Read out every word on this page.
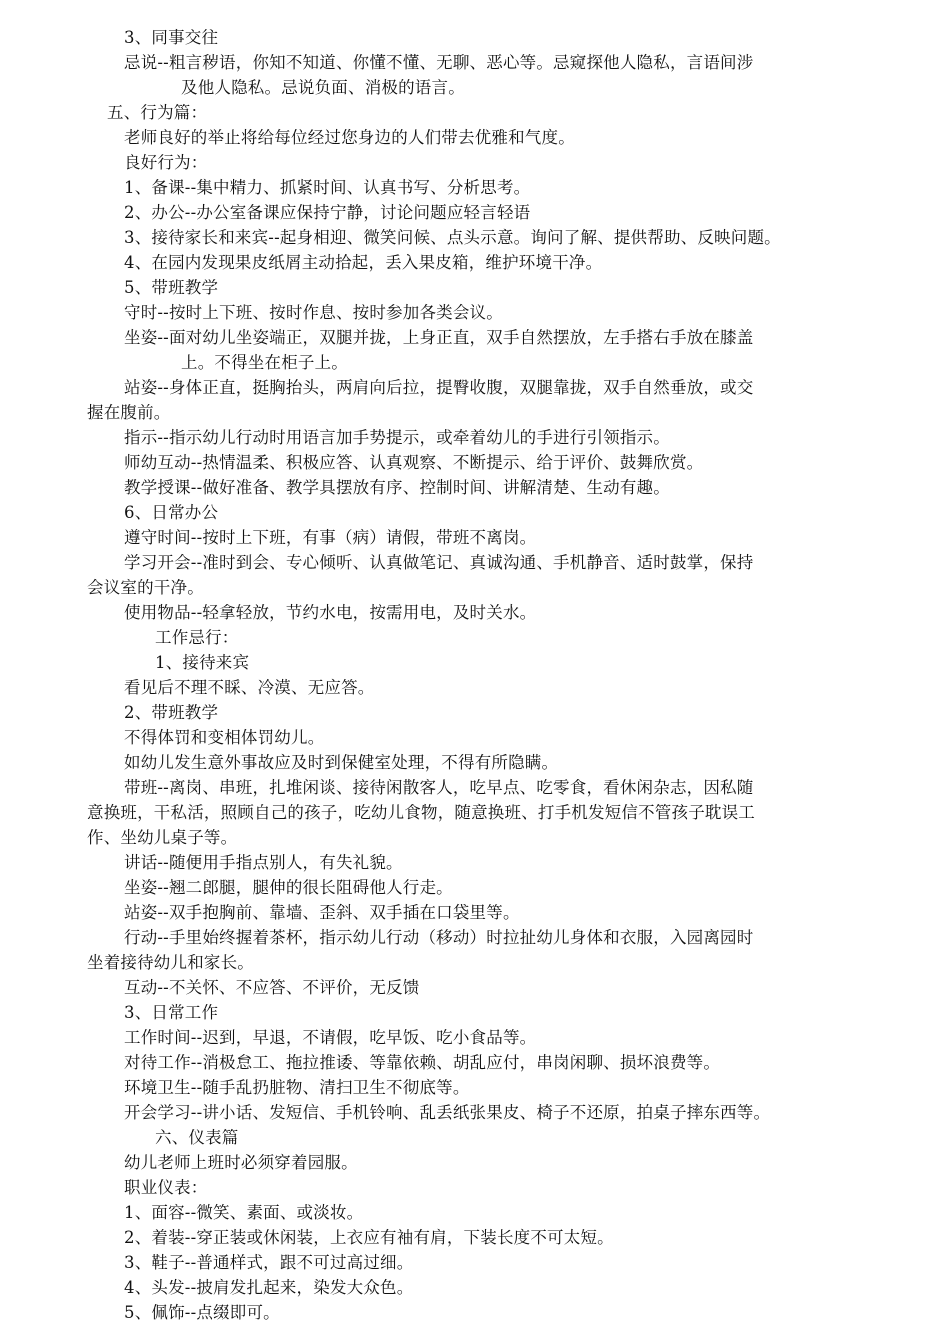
3、同事交往
忌说--粗言秽语，你知不知道、你懂不懂、无聊、恶心等。忌窥探他人隐私，言语间涉
及他人隐私。忌说负面、消极的语言。
五、行为篇：
老师良好的举止将给每位经过您身边的人们带去优雅和气度。
良好行为：
1、备课--集中精力、抓紧时间、认真书写、分析思考。
2、办公--办公室备课应保持宁静，讨论问题应轻言轻语
3、接待家长和来宾--起身相迎、微笑问候、点头示意。询问了解、提供帮助、反映问题。
4、在园内发现果皮纸屑主动拾起，丢入果皮箱，维护环境干净。
5、带班教学
守时--按时上下班、按时作息、按时参加各类会议。
坐姿--面对幼儿坐姿端正，双腿并拢，上身正直，双手自然摆放，左手搭右手放在膝盖
上。不得坐在柜子上。
站姿--身体正直，挺胸抬头，两肩向后拉，提臀收腹，双腿靠拢，双手自然垂放，或交
握在腹前。
指示--指示幼儿行动时用语言加手势提示，或牵着幼儿的手进行引领指示。
师幼互动--热情温柔、积极应答、认真观察、不断提示、给于评价、鼓舞欣赏。
教学授课--做好准备、教学具摆放有序、控制时间、讲解清楚、生动有趣。
6、日常办公
遵守时间--按时上下班，有事（病）请假，带班不离岗。
学习开会--准时到会、专心倾听、认真做笔记、真诚沟通、手机静音、适时鼓掌，保持
会议室的干净。
使用物品--轻拿轻放，节约水电，按需用电，及时关水。
工作忌行：
1、接待来宾
看见后不理不睬、冷漠、无应答。
2、带班教学
不得体罚和变相体罚幼儿。
如幼儿发生意外事故应及时到保健室处理，不得有所隐瞒。
带班--离岗、串班，扎堆闲谈、接待闲散客人，吃早点、吃零食，看休闲杂志，因私随
意换班，干私活，照顾自己的孩子，吃幼儿食物，随意换班、打手机发短信不管孩子耽误工
作、坐幼儿桌子等。
讲话--随便用手指点别人，有失礼貌。
坐姿--翘二郎腿，腿伸的很长阻碍他人行走。
站姿--双手抱胸前、靠墙、歪斜、双手插在口袋里等。
行动--手里始终握着茶杯，指示幼儿行动（移动）时拉扯幼儿身体和衣服，入园离园时
坐着接待幼儿和家长。
互动--不关怀、不应答、不评价，无反馈
3、日常工作
工作时间--迟到，早退，不请假，吃早饭、吃小食品等。
对待工作--消极怠工、拖拉推诿、等靠依赖、胡乱应付，串岗闲聊、损坏浪费等。
环境卫生--随手乱扔脏物、清扫卫生不彻底等。
开会学习--讲小话、发短信、手机铃响、乱丢纸张果皮、椅子不还原，拍桌子摔东西等。
六、仪表篇
幼儿老师上班时必须穿着园服。
职业仪表：
1、面容--微笑、素面、或淡妆。
2、着装--穿正装或休闲装，上衣应有袖有肩，下装长度不可太短。
3、鞋子--普通样式，跟不可过高过细。
4、头发--披肩发扎起来，染发大众色。
5、佩饰--点缀即可。
